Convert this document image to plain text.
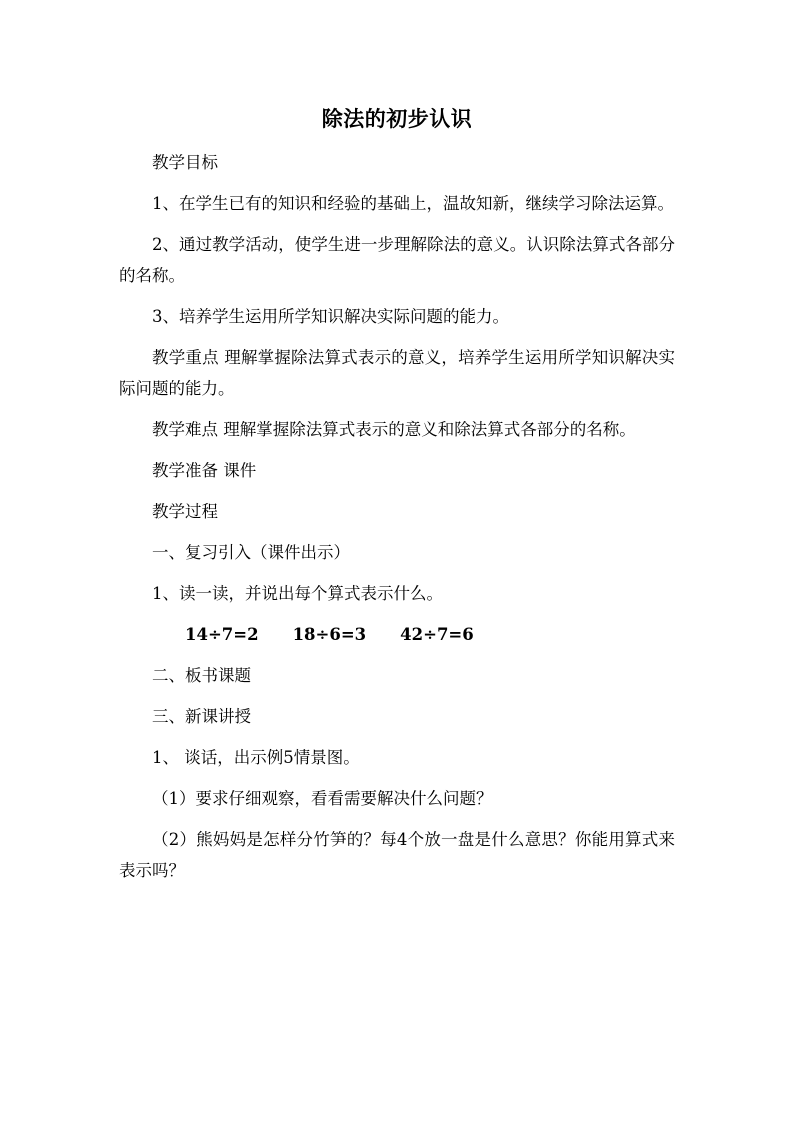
除法的初步认识

教学目标

1、在学生已有的知识和经验的基础上，温故知新，继续学习除法运算。

2、通过教学活动，使学生进一步理解除法的意义。认识除法算式各部分的名称。

3、培养学生运用所学知识解决实际问题的能力。

教学重点 理解掌握除法算式表示的意义，培养学生运用所学知识解决实际问题的能力。

教学难点 理解掌握除法算式表示的意义和除法算式各部分的名称。

教学准备 课件

教学过程

一、复习引入（课件出示）

1、读一读，并说出每个算式表示什么。

14÷7=2 18÷6=3 42÷7=6

二、板书课题

三、新课讲授

1、 谈话，出示例5情景图。

（1）要求仔细观察，看看需要解决什么问题？

（2）熊妈妈是怎样分竹笋的？每4个放一盘是什么意思？你能用算式来表示吗？
